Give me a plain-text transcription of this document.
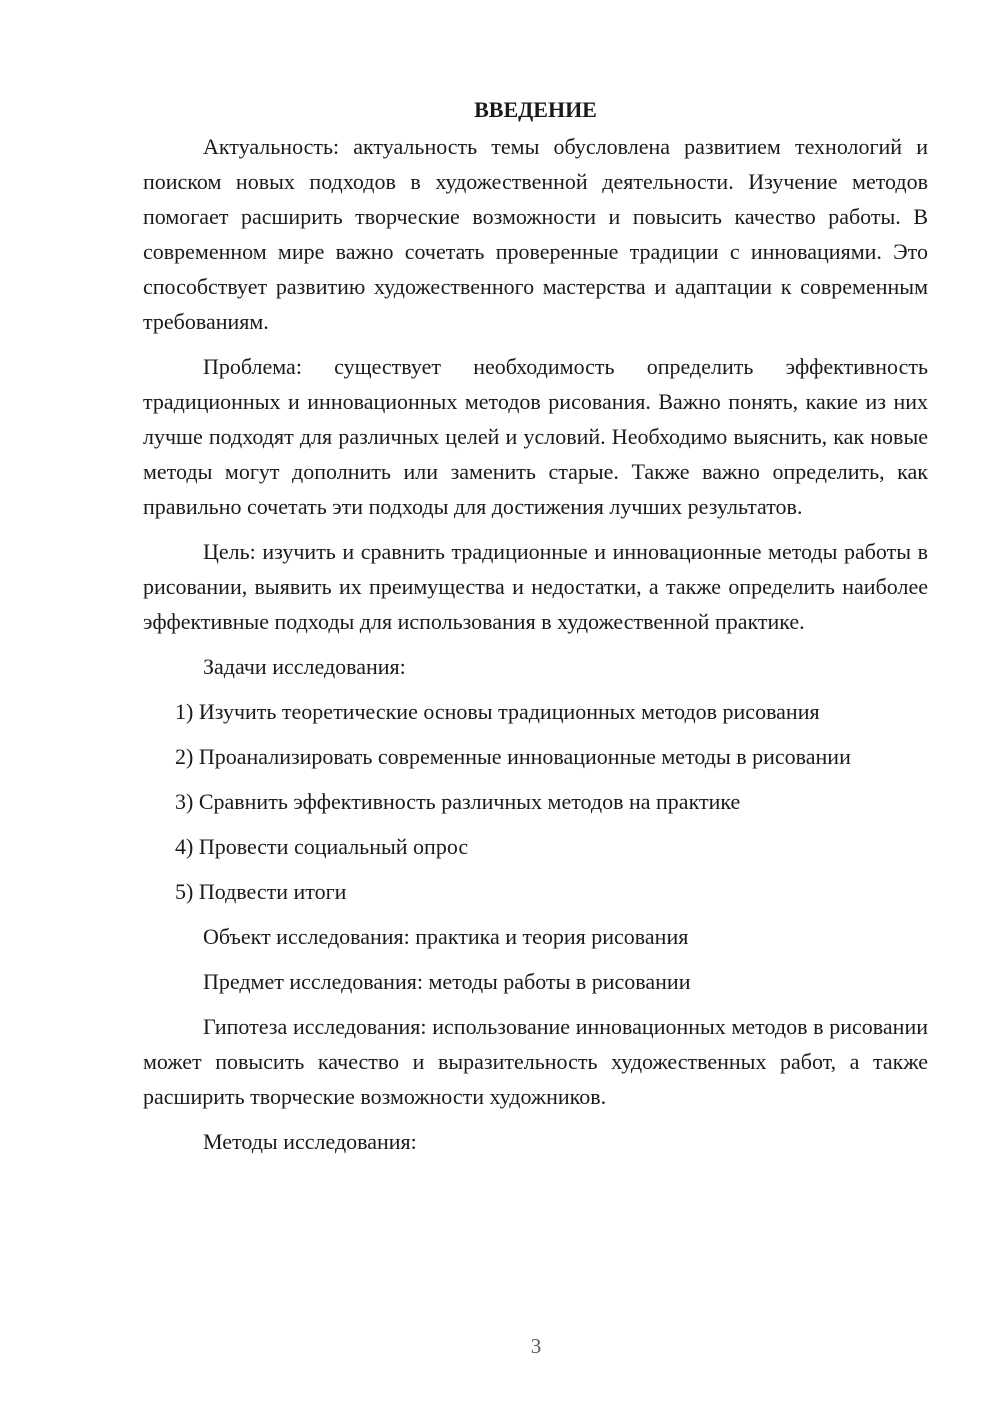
ВВЕДЕНИЕ

Актуальность: актуальность темы обусловлена развитием технологий и поиском новых подходов в художественной деятельности. Изучение методов помогает расширить творческие возможности и повысить качество работы. В современном мире важно сочетать проверенные традиции с инновациями. Это способствует развитию художественного мастерства и адаптации к современным требованиям.

Проблема: существует необходимость определить эффективность традиционных и инновационных методов рисования. Важно понять, какие из них лучше подходят для различных целей и условий. Необходимо выяснить, как новые методы могут дополнить или заменить старые. Также важно определить, как правильно сочетать эти подходы для достижения лучших результатов.

Цель: изучить и сравнить традиционные и инновационные методы работы в рисовании, выявить их преимущества и недостатки, а также определить наиболее эффективные подходы для использования в художественной практике.

Задачи исследования:

1) Изучить теоретические основы традиционных методов рисования

2) Проанализировать современные инновационные методы в рисовании

3) Сравнить эффективность различных методов на практике

4) Провести социальный опрос

5) Подвести итоги

Объект исследования: практика и теория рисования

Предмет исследования: методы работы в рисовании

Гипотеза исследования: использование инновационных методов в рисовании может повысить качество и выразительность художественных работ, а также расширить творческие возможности художников.

Методы исследования:

3
